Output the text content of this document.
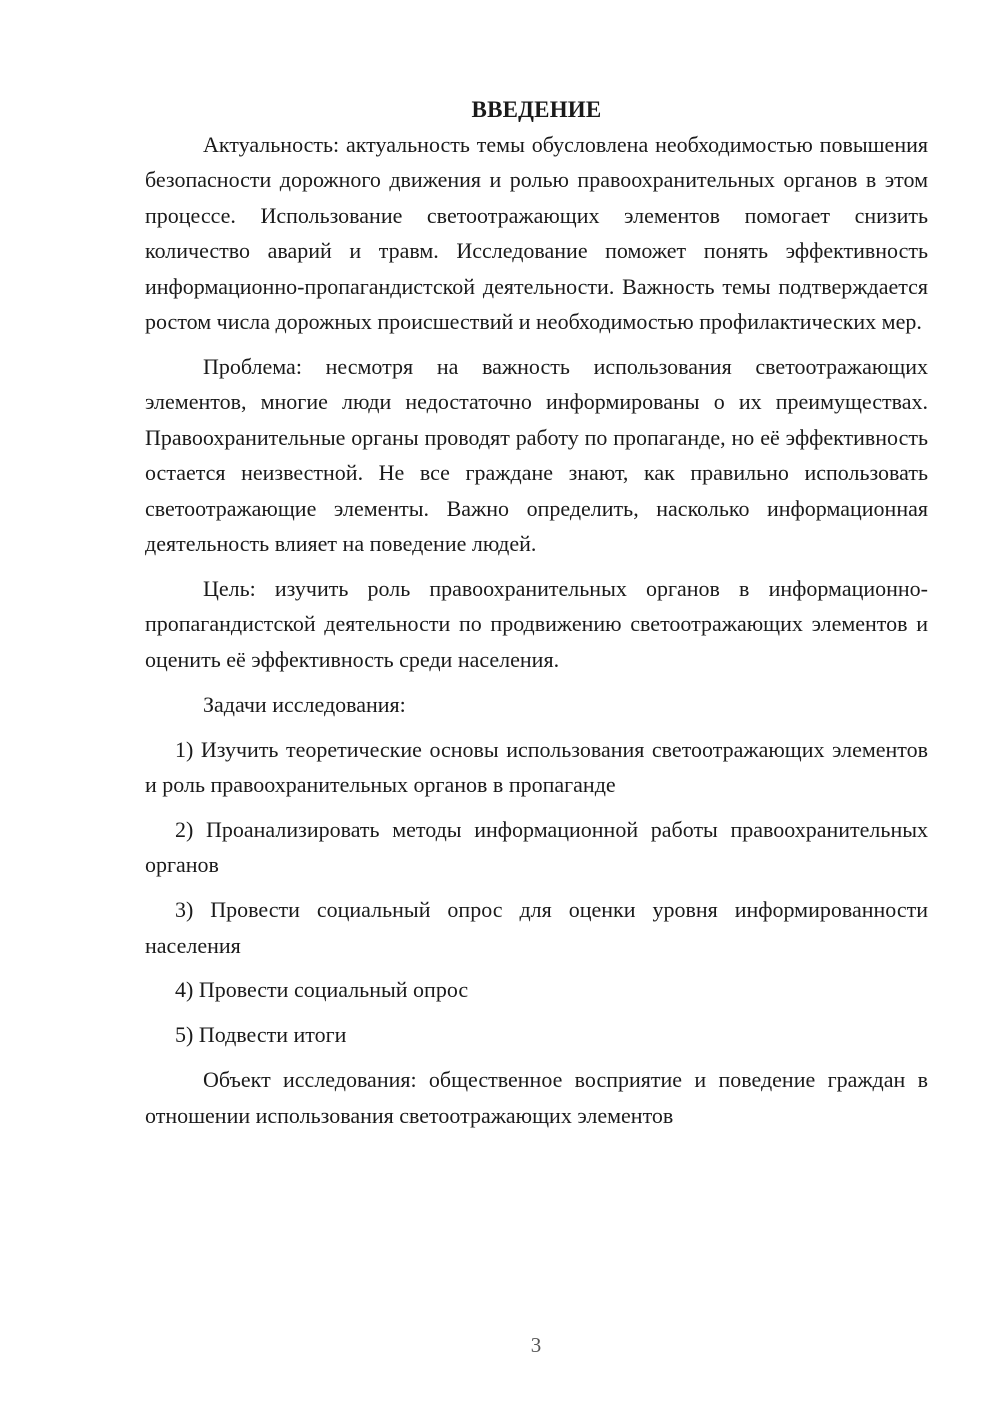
ВВЕДЕНИЕ

Актуальность: актуальность темы обусловлена необходимостью повышения безопасности дорожного движения и ролью правоохранительных органов в этом процессе. Использование светоотражающих элементов помогает снизить количество аварий и травм. Исследование поможет понять эффективность информационно-пропагандистской деятельности. Важность темы подтверждается ростом числа дорожных происшествий и необходимостью профилактических мер.

Проблема: несмотря на важность использования светоотражающих элементов, многие люди недостаточно информированы о их преимуществах. Правоохранительные органы проводят работу по пропаганде, но её эффективность остается неизвестной. Не все граждане знают, как правильно использовать светоотражающие элементы. Важно определить, насколько информационная деятельность влияет на поведение людей.

Цель: изучить роль правоохранительных органов в информационно-пропагандистской деятельности по продвижению светоотражающих элементов и оценить её эффективность среди населения.

Задачи исследования:

1) Изучить теоретические основы использования светоотражающих элементов и роль правоохранительных органов в пропаганде

2) Проанализировать методы информационной работы правоохранительных органов

3) Провести социальный опрос для оценки уровня информированности населения

4) Провести социальный опрос

5) Подвести итоги

Объект исследования: общественное восприятие и поведение граждан в отношении использования светоотражающих элементов

3
